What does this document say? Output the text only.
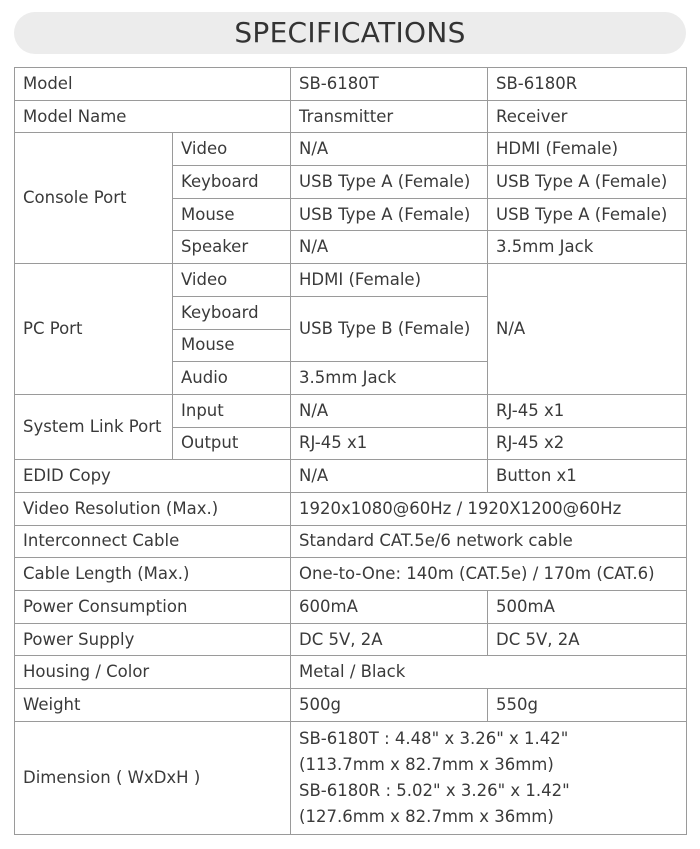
SPECIFICATIONS
Model		SB-6180T	SB-6180R
Model Name		Transmitter	Receiver
Console Port	Video	N/A	HDMI (Female)
	Keyboard	USB Type A (Female)	USB Type A (Female)
	Mouse	USB Type A (Female)	USB Type A (Female)
	Speaker	N/A	3.5mm Jack
PC Port	Video	HDMI (Female)	N/A
	Keyboard	USB Type B (Female)	
	Mouse		
	Audio	3.5mm Jack	
System Link Port	Input	N/A	RJ-45 x1
	Output	RJ-45 x1	RJ-45 x2
EDID Copy		N/A	Button x1
Video Resolution (Max.)		1920x1080@60Hz / 1920X1200@60Hz	
Interconnect Cable		Standard CAT.5e/6 network cable	
Cable Length (Max.)		One-to-One: 140m (CAT.5e) / 170m (CAT.6)	
Power Consumption		600mA	500mA
Power Supply		DC 5V, 2A	DC 5V, 2A
Housing / Color		Metal / Black	
Weight		500g	550g
Dimension ( WxDxH )		SB-6180T : 4.48" x 3.26" x 1.42"
(113.7mm x 82.7mm x 36mm)
SB-6180R : 5.02" x 3.26" x 1.42"
(127.6mm x 82.7mm x 36mm)	
